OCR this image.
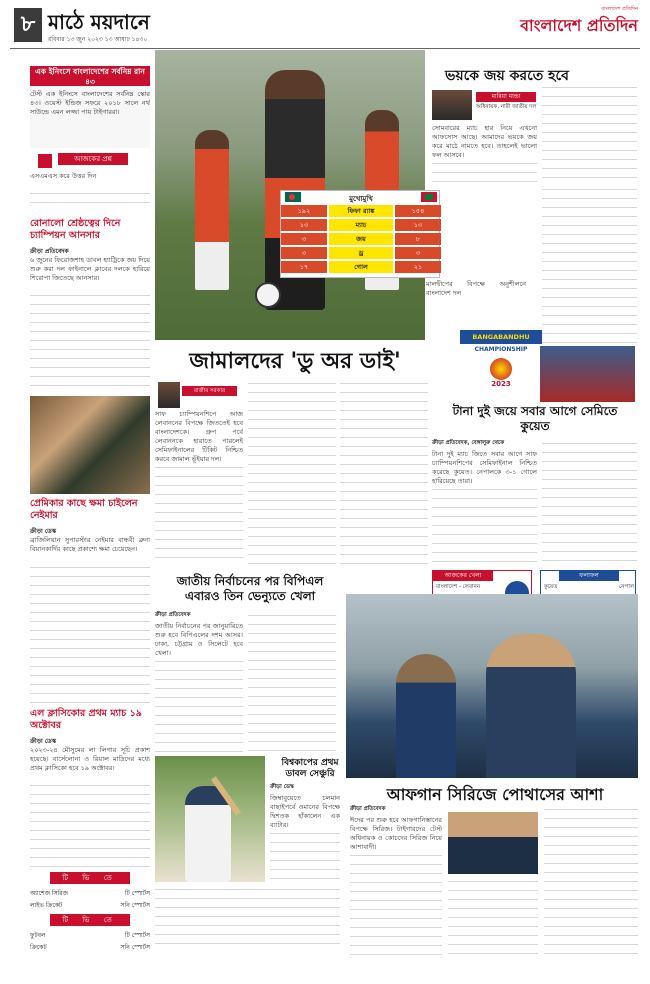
৮ মাঠে ময়দানে
রবিবার ১৩ জুন ২০২৩ ১৩ আষাঢ় ১৪৩০
বাংলাদেশ প্রতিদিন
বাংলাদেশ প্রতিদিন
এক ইনিংসে বাংলাদেশের সর্বনিম্ন রান ৪৩
টেস্ট এক ইনিংসে বাংলাদেশের সর্বনিম্ন স্কোর ৪৩। ওয়েস্ট ইন্ডিজ সফরে ২০১৮ সালে নর্থ সাউন্ডে এমন লজ্জা পায় টাইগাররা।
আজকের প্রশ্ন
এসএমএস করে উত্তর দিন
রোনালো শ্রেষ্ঠত্বের দিনে চ্যাম্পিয়ন আনসার
ক্রীড়া প্রতিবেদক
৬ জুনের ফিরোজশাহ ডাবল হ্যাট্রিকে জয় দিয়ে শুরু করা দল ফাইনালে ক্লাবের দলকে হারিয়ে শিরোপা জিতেছে আনসার।
প্রেমিকার কাছে ক্ষমা চাইলেন নেইমার
ক্রীড়া ডেস্ক
ব্রাজিলিয়ান সুপারস্টার নেইমার বান্ধবী ব্রুনা বিয়ানকার্দির কাছে প্রকাশ্যে ক্ষমা চেয়েছেন।
এল ক্লাসিকোর প্রথম ম্যাচ ১৯ অক্টোবর
ক্রীড়া ডেস্ক
২০২৩-২৪ মৌসুমের লা লিগার সূচি প্রকাশ হয়েছে। বার্সেলোনা ও রিয়াল মাদ্রিদের মধ্যে প্রথম ক্লাসিকো হবে ১৯ অক্টোবর।
টি ভি তে
অ্যাশেজ সিরিজ	টি স্পোর্টস
লাইভ ক্রিকেট	সনি স্পোর্টস
টি ভি তে
ফুটবল	টি স্পোর্টস
ক্রিকেট	সনি স্পোর্টস
মুখোমুখি
১৯২	ফিফা র‍্যাঙ্ক	১৫৪
১৩	ম্যাচ	১৩
৩	জয়	৮
৩	ড্র	৩
১৭	গোল	২১
মালদ্বীপের বিপক্ষে অনুশীলনে বাংলাদেশ দল
ভয়কে জয় করতে হবে
মারিয়া মান্ডা
অধিনায়ক, নারী জাতীয় দল
সোমবারের ম্যাচ হার নিয়ে এখনো আফসোস আছে। আমাদের ভয়কে জয় করে মাঠে নামতে হবে। তাহলেই ভালো ফল আসবে।
BANGABANDHU
CHAMPIONSHIP
2023
টানা দুই জয়ে সবার আগে সেমিতে কুয়েত
ক্রীড়া প্রতিবেদক, বেঙ্গালুরু থেকে
টানা দুই ম্যাচ জিতে সবার আগে সাফ চ্যাম্পিয়নশিপের সেমিফাইনাল নিশ্চিত করেছে কুয়েত। নেপালকে ৩-১ গোলে হারিয়েছে তারা।
আজকের খেলা
বাংলাদেশ - লেবানন
ফলাফল
কুয়েত	নেপাল
জামালদের 'ডু অর ডাই'
রাজীব সরকার
সাফ চ্যাম্পিয়নশিপে আজ লেবাননের বিপক্ষে জিততেই হবে বাংলাদেশকে। গ্রুপ পর্বে লেবাননকে হারাতে পারলেই সেমিফাইনালের টিকিট নিশ্চিত করবে জামাল ভূঁইয়ার দল।
জাতীয় নির্বাচনের পর বিপিএল এবারও তিন ভেন্যুতে খেলা
ক্রীড়া প্রতিবেদক
জাতীয় নির্বাচনের পর জানুয়ারিতে শুরু হবে বিপিএলের দশম আসর। ঢাকা, চট্টগ্রাম ও সিলেটে হবে খেলা।
বিশ্বকাপের প্রথম ডাবল সেঞ্চুরি
ক্রীড়া ডেস্ক
জিম্বাবুয়েতে চলমান বাছাইপর্বে ওমানের বিপক্ষে দ্বিশতক হাঁকালেন এক ব্যাটার।
আফগান সিরিজে পোথাসের আশা
ক্রীড়া প্রতিবেদক
ঈদের পর শুরু হবে আফগানিস্তানের বিপক্ষে সিরিজ। টাইগারদের টেস্ট অধিনায়ক ও কোচদের সিরিজ নিয়ে আশাবাদী।
